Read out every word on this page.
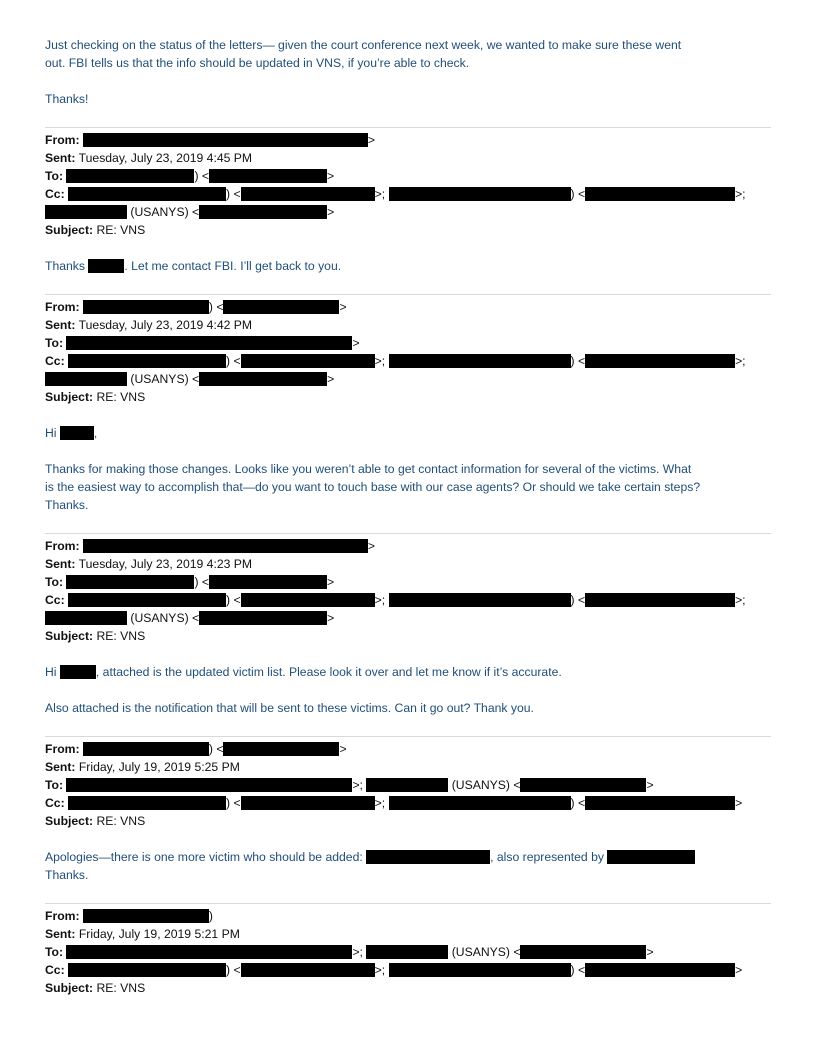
Just checking on the status of the letters— given the court conference next week, we wanted to make sure these went
out. FBI tells us that the info should be updated in VNS, if you’re able to check.
Thanks!
From:	>
Sent: Tuesday, July 23, 2019 4:45 PM
To:	) <	>
Cc:	) <	>;	) <	>;
(USANYS) <	>
Subject: RE: VNS
Thanks	. Let me contact FBI. I’ll get back to you.
From:	) <	>
Sent: Tuesday, July 23, 2019 4:42 PM
To:	>
Cc:	) <	>;	) <	>;
(USANYS) <	>
Subject: RE: VNS
Hi	,
Thanks for making those changes. Looks like you weren’t able to get contact information for several of the victims. What
is the easiest way to accomplish that—do you want to touch base with our case agents? Or should we take certain steps?
Thanks.
From:	>
Sent: Tuesday, July 23, 2019 4:23 PM
To:	) <	>
Cc:	) <	>;	) <	>;
(USANYS) <	>
Subject: RE: VNS
Hi	, attached is the updated victim list. Please look it over and let me know if it’s accurate.
Also attached is the notification that will be sent to these victims. Can it go out? Thank you.
From:	) <	>
Sent: Friday, July 19, 2019 5:25 PM
To:	>;	(USANYS) <	>
Cc:	) <	>;	) <	>
Subject: RE: VNS
Apologies—there is one more victim who should be added:	, also represented by
Thanks.
From:	)
Sent: Friday, July 19, 2019 5:21 PM
To:	>;	(USANYS) <	>
Cc:	) <	>;	) <	>
Subject: RE: VNS
